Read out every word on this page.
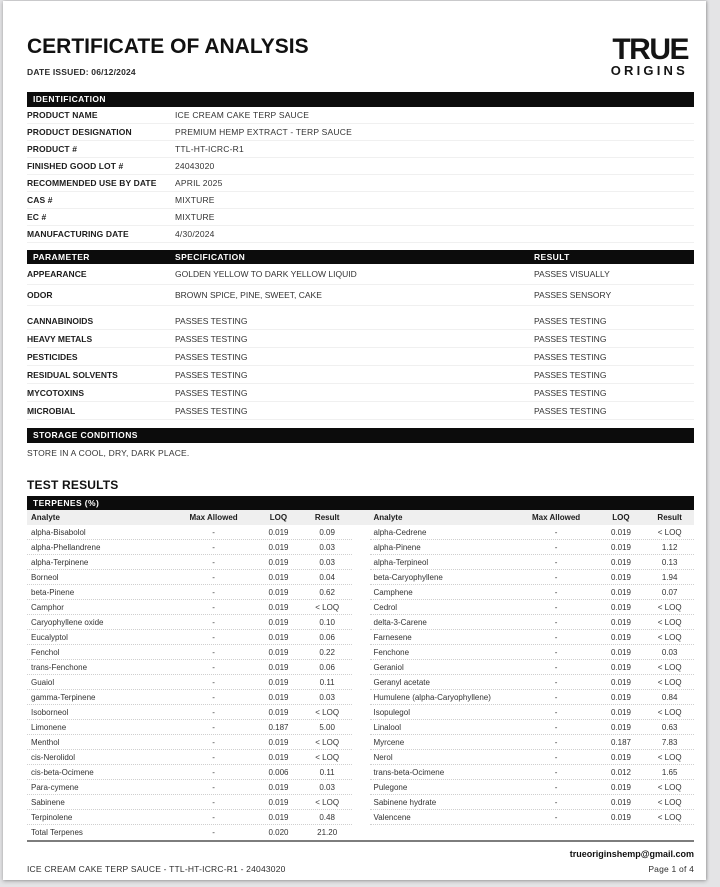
CERTIFICATE OF ANALYSIS
DATE ISSUED: 06/12/2024
TRUE
ORIGINS
IDENTIFICATION
PRODUCT NAME	ICE CREAM CAKE TERP SAUCE
PRODUCT DESIGNATION	PREMIUM HEMP EXTRACT - TERP SAUCE
PRODUCT #	TTL-HT-ICRC-R1
FINISHED GOOD LOT #	24043020
RECOMMENDED USE BY DATE	APRIL 2025
CAS #	MIXTURE
EC #	MIXTURE
MANUFACTURING DATE	4/30/2024
PARAMETER	SPECIFICATION	RESULT
APPEARANCE	GOLDEN YELLOW TO DARK YELLOW LIQUID	PASSES VISUALLY
ODOR	BROWN SPICE, PINE, SWEET, CAKE	PASSES SENSORY
CANNABINOIDS	PASSES TESTING	PASSES TESTING
HEAVY METALS	PASSES TESTING	PASSES TESTING
PESTICIDES	PASSES TESTING	PASSES TESTING
RESIDUAL SOLVENTS	PASSES TESTING	PASSES TESTING
MYCOTOXINS	PASSES TESTING	PASSES TESTING
MICROBIAL	PASSES TESTING	PASSES TESTING
STORAGE CONDITIONS
STORE IN A COOL, DRY, DARK PLACE.
TEST RESULTS
TERPENES (%)
Analyte	Max Allowed	LOQ	Result	Analyte	Max Allowed	LOQ	Result
alpha-Bisabolol	-	0.019	0.09	alpha-Cedrene	-	0.019	< LOQ
alpha-Phellandrene	-	0.019	0.03	alpha-Pinene	-	0.019	1.12
alpha-Terpinene	-	0.019	0.03	alpha-Terpineol	-	0.019	0.13
Borneol	-	0.019	0.04	beta-Caryophyllene	-	0.019	1.94
beta-Pinene	-	0.019	0.62	Camphene	-	0.019	0.07
Camphor	-	0.019	< LOQ	Cedrol	-	0.019	< LOQ
Caryophyllene oxide	-	0.019	0.10	delta-3-Carene	-	0.019	< LOQ
Eucalyptol	-	0.019	0.06	Farnesene	-	0.019	< LOQ
Fenchol	-	0.019	0.22	Fenchone	-	0.019	0.03
trans-Fenchone	-	0.019	0.06	Geraniol	-	0.019	< LOQ
Guaiol	-	0.019	0.11	Geranyl acetate	-	0.019	< LOQ
gamma-Terpinene	-	0.019	0.03	Humulene (alpha-Caryophyllene)	-	0.019	0.84
Isoborneol	-	0.019	< LOQ	Isopulegol	-	0.019	< LOQ
Limonene	-	0.187	5.00	Linalool	-	0.019	0.63
Menthol	-	0.019	< LOQ	Myrcene	-	0.187	7.83
cis-Nerolidol	-	0.019	< LOQ	Nerol	-	0.019	< LOQ
cis-beta-Ocimene	-	0.006	0.11	trans-beta-Ocimene	-	0.012	1.65
Para-cymene	-	0.019	0.03	Pulegone	-	0.019	< LOQ
Sabinene	-	0.019	< LOQ	Sabinene hydrate	-	0.019	< LOQ
Terpinolene	-	0.019	0.48	Valencene	-	0.019	< LOQ
Total Terpenes	-	0.020	21.20
trueoriginshemp@gmail.com
ICE CREAM CAKE TERP SAUCE - TTL-HT-ICRC-R1 - 24043020	Page 1 of 4
